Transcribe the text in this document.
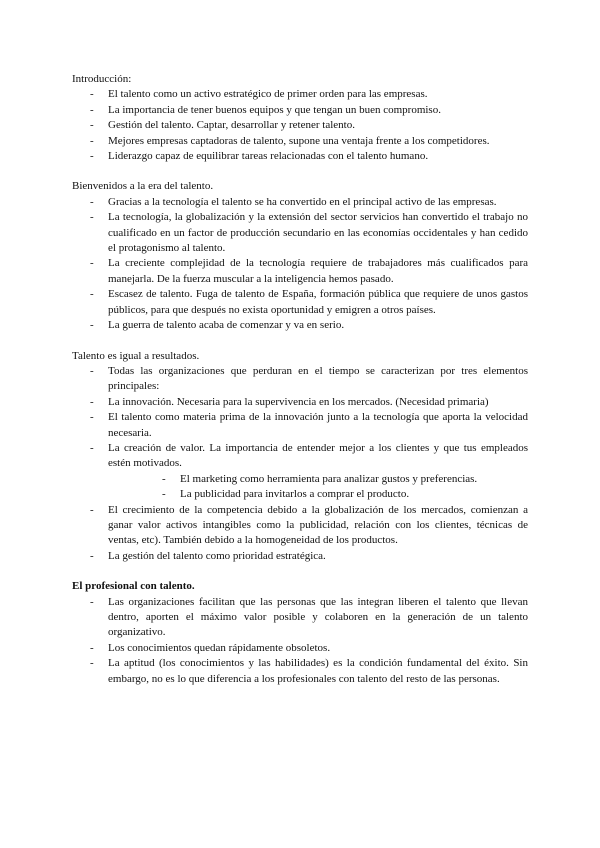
Introducción:

- El talento como un activo estratégico de primer orden para las empresas.
- La importancia de tener buenos equipos y que tengan un buen compromiso.
- Gestión del talento. Captar, desarrollar y retener talento.
- Mejores empresas captadoras de talento, supone una ventaja frente a los competidores.
- Liderazgo capaz de equilibrar tareas relacionadas con el talento humano.

Bienvenidos a la era del talento.

- Gracias a la tecnología el talento se ha convertido en el principal activo de las empresas.
- La tecnología, la globalización y la extensión del sector servicios han convertido el trabajo no cualificado en un factor de producción secundario en las economías occidentales y han cedido el protagonismo al talento.
- La creciente complejidad de la tecnología requiere de trabajadores más cualificados para manejarla. De la fuerza muscular a la inteligencia hemos pasado.
- Escasez de talento. Fuga de talento de España, formación pública que requiere de unos gastos públicos, para que después no exista oportunidad y emigren a otros países.
- La guerra de talento acaba de comenzar y va en serio.

Talento es igual a resultados.

- Todas las organizaciones que perduran en el tiempo se caracterizan por tres elementos principales:
- La innovación. Necesaria para la supervivencia en los mercados. (Necesidad primaria)
- El talento como materia prima de la innovación junto a la tecnología que aporta la velocidad necesaria.
- La creación de valor. La importancia de entender mejor a los clientes y que tus empleados estén motivados.
- El marketing como herramienta para analizar gustos y preferencias.
- La publicidad para invitarlos a comprar el producto.
- El crecimiento de la competencia debido a la globalización de los mercados, comienzan a ganar valor activos intangibles como la publicidad, relación con los clientes, técnicas de ventas, etc). También debido a la homogeneidad de los productos.
- La gestión del talento como prioridad estratégica.

El profesional con talento.

- Las organizaciones facilitan que las personas que las integran liberen el talento que llevan dentro, aporten el máximo valor posible y colaboren en la generación de un talento organizativo.
- Los conocimientos quedan rápidamente obsoletos.
- La aptitud (los conocimientos y las habilidades) es la condición fundamental del éxito. Sin embargo, no es lo que diferencia a los profesionales con talento del resto de las personas.
